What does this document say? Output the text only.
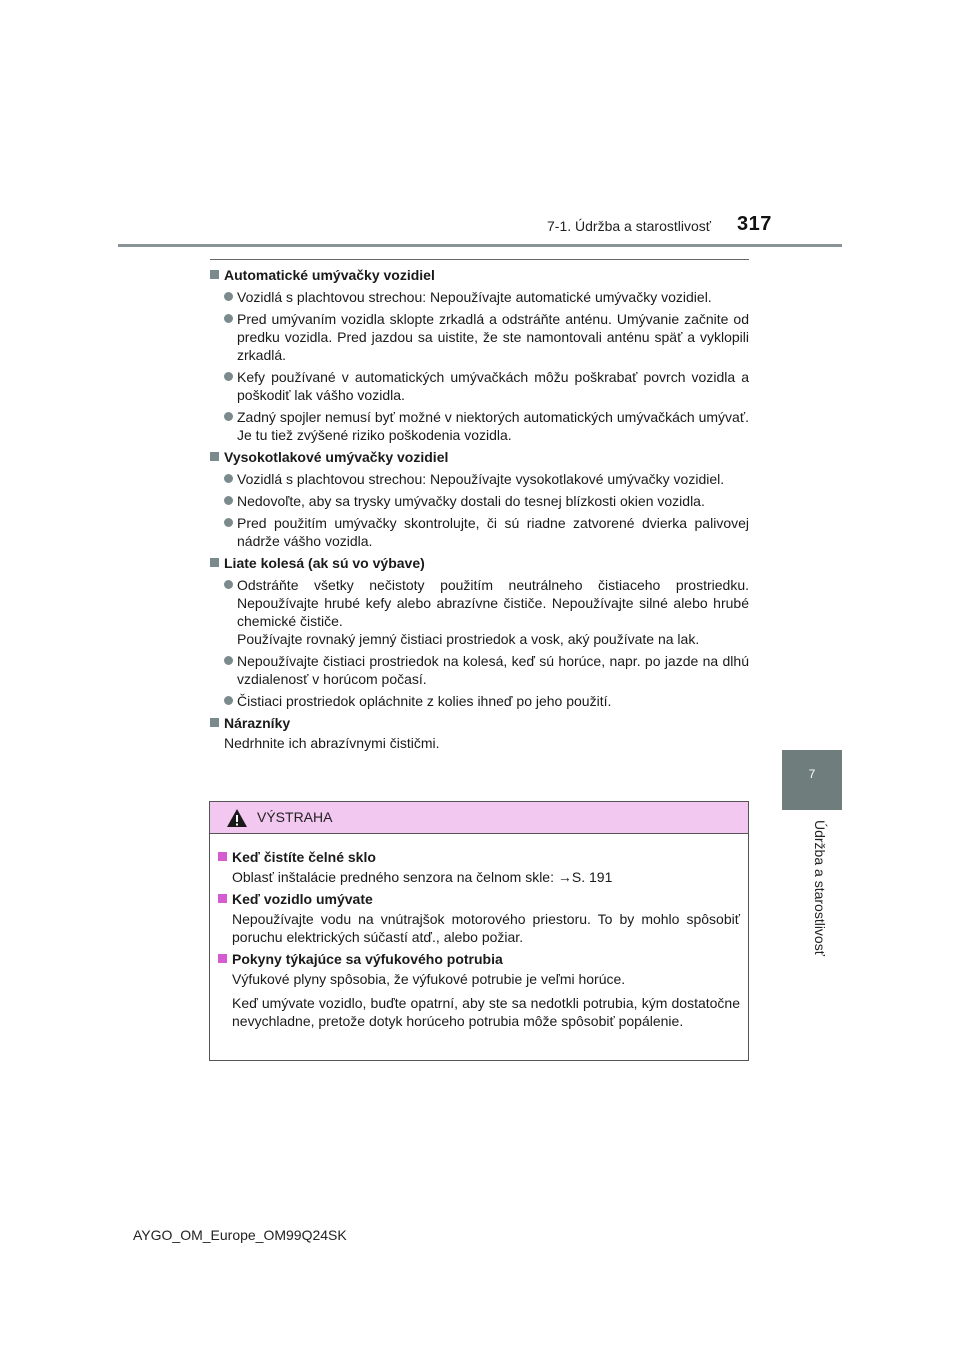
7-1. Údržba a starostlivosť 317
7
Údržba a starostlivosť
Automatické umývačky vozidiel
Vozidlá s plachtovou strechou: Nepoužívajte automatické umývačky vozidiel.
Pred umývaním vozidla sklopte zrkadlá a odstráňte anténu. Umývanie začnite od predku vozidla. Pred jazdou sa uistite, že ste namontovali anténu späť a vyklopili zrkadlá.
Kefy používané v automatických umývačkách môžu poškrabať povrch vozidla a poškodiť lak vášho vozidla.
Zadný spojler nemusí byť možné v niektorých automatických umývačkách umývať. Je tu tiež zvýšené riziko poškodenia vozidla.
Vysokotlakové umývačky vozidiel
Vozidlá s plachtovou strechou: Nepoužívajte vysokotlakové umývačky vozidiel.
Nedovoľte, aby sa trysky umývačky dostali do tesnej blízkosti okien vozidla.
Pred použitím umývačky skontrolujte, či sú riadne zatvorené dvierka palivovej nádrže vášho vozidla.
Liate kolesá (ak sú vo výbave)
Odstráňte všetky nečistoty použitím neutrálneho čistiaceho prostriedku. Nepoužívajte hrubé kefy alebo abrazívne čističe. Nepoužívajte silné alebo hrubé chemické čističe.
Používajte rovnaký jemný čistiaci prostriedok a vosk, aký používate na lak.
Nepoužívajte čistiaci prostriedok na kolesá, keď sú horúce, napr. po jazde na dlhú vzdialenosť v horúcom počasí.
Čistiaci prostriedok opláchnite z kolies ihneď po jeho použití.
Nárazníky
Nedrhnite ich abrazívnymi čističmi.
VÝSTRAHA
Keď čistíte čelné sklo
Oblasť inštalácie predného senzora na čelnom skle: →S. 191
Keď vozidlo umývate
Nepoužívajte vodu na vnútrajšok motorového priestoru. To by mohlo spôsobiť poruchu elektrických súčastí atď., alebo požiar.
Pokyny týkajúce sa výfukového potrubia
Výfukové plyny spôsobia, že výfukové potrubie je veľmi horúce.
Keď umývate vozidlo, buďte opatrní, aby ste sa nedotkli potrubia, kým dostatočne nevychladne, pretože dotyk horúceho potrubia môže spôsobiť popálenie.
AYGO_OM_Europe_OM99Q24SK
